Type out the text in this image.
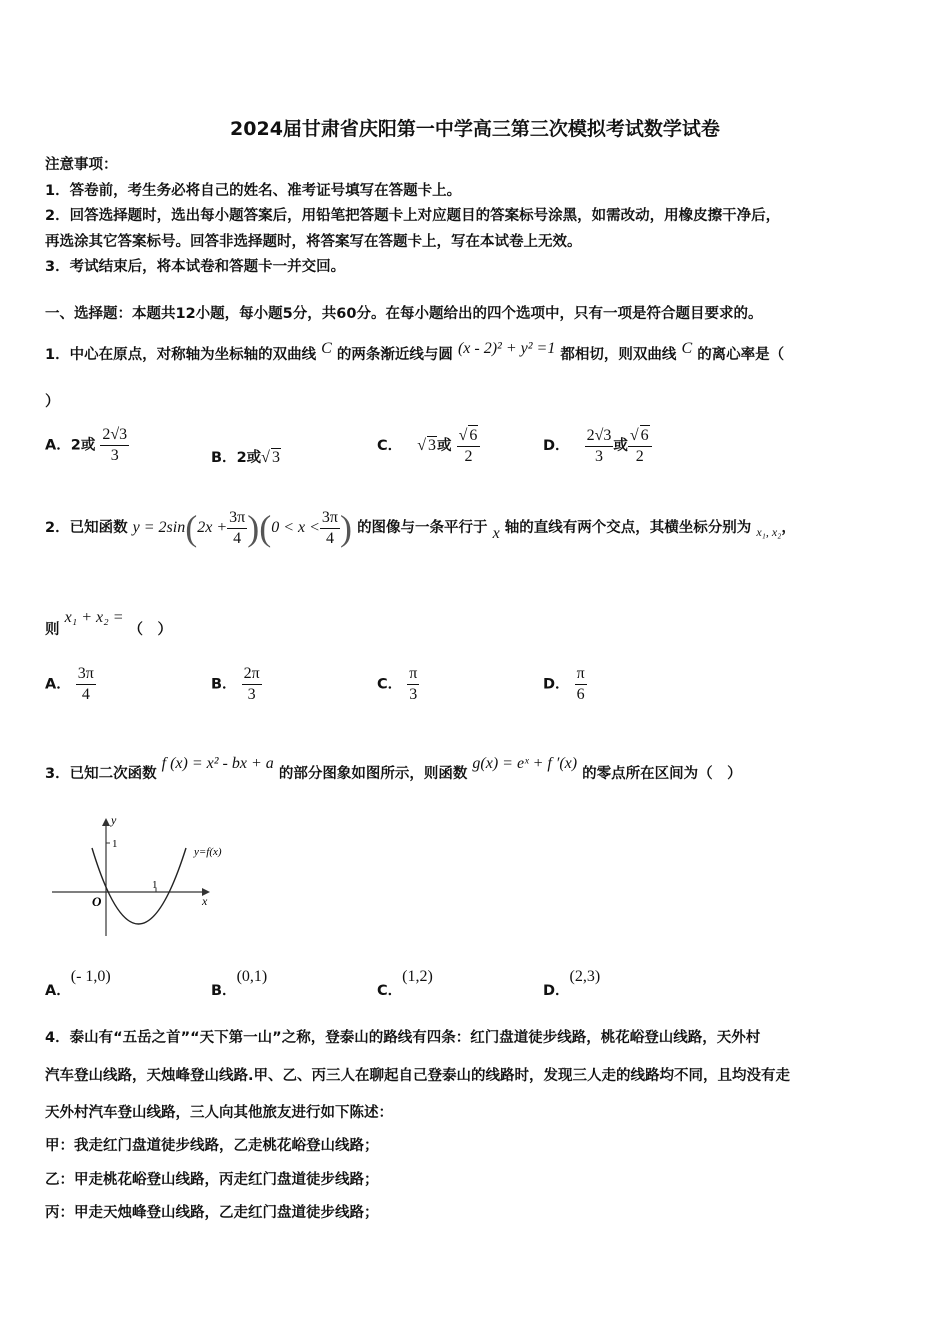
2024届甘肃省庆阳第一中学高三第三次模拟考试数学试卷
注意事项：
1．答卷前，考生务必将自己的姓名、准考证号填写在答题卡上。
2．回答选择题时，选出每小题答案后，用铅笔把答题卡上对应题目的答案标号涂黑，如需改动，用橡皮擦干净后，
再选涂其它答案标号。回答非选择题时，将答案写在答题卡上，写在本试卷上无效。
3．考试结束后，将本试卷和答题卡一并交回。
一、选择题：本题共12小题，每小题5分，共60分。在每小题给出的四个选项中，只有一项是符合题目要求的。
1．中心在原点，对称轴为坐标轴的双曲线 C 的两条渐近线与圆 (x - 2)² + y² =1 都相切，则双曲线 C 的离心率是（
）
A．2或 $\frac{2√3}{3}$	B．2或√ 3
C． √ 3或 $\frac{√ 6}{2}$	D． $\frac{2√3}{3}$ 或 $\frac{√ 6}{2}$
2．已知函数 $y = 2\sin(2x + \frac{3\pi}{4} )(0 < x < \frac{3\pi}{4}$ ) 的图像与一条平行于 x 轴的直线有两个交点，其横坐标分别为 $_{x_1, x_2}$，
则 x₁ + x₂ = （　）
A． $\frac{3\pi}{4}$	B． $\frac{2\pi}{3}$	C． $\frac{\pi}{3}$	D． $\frac{\pi}{6}$
3．已知二次函数 f (x) = x² - bx + a 的部分图象如图所示，则函数 g(x) = eˣ + f ′(x) 的零点所在区间为（　）
y
1
1
O	x
y=f(x)
A．(- 1,0)
B．(0,1)
C．(1,2)
D．(2,3)
4．泰山有“五岳之首”“天下第一山”之称，登泰山的路线有四条：红门盘道徒步线路，桃花峪登山线路，天外村
汽车登山线路，天烛峰登山线路.甲、乙、丙三人在聊起自己登泰山的线路时，发现三人走的线路均不同，且均没有走
天外村汽车登山线路，三人向其他旅友进行如下陈述：
甲：我走红门盘道徒步线路，乙走桃花峪登山线路；
乙：甲走桃花峪登山线路，丙走红门盘道徒步线路；
丙：甲走天烛峰登山线路，乙走红门盘道徒步线路；
